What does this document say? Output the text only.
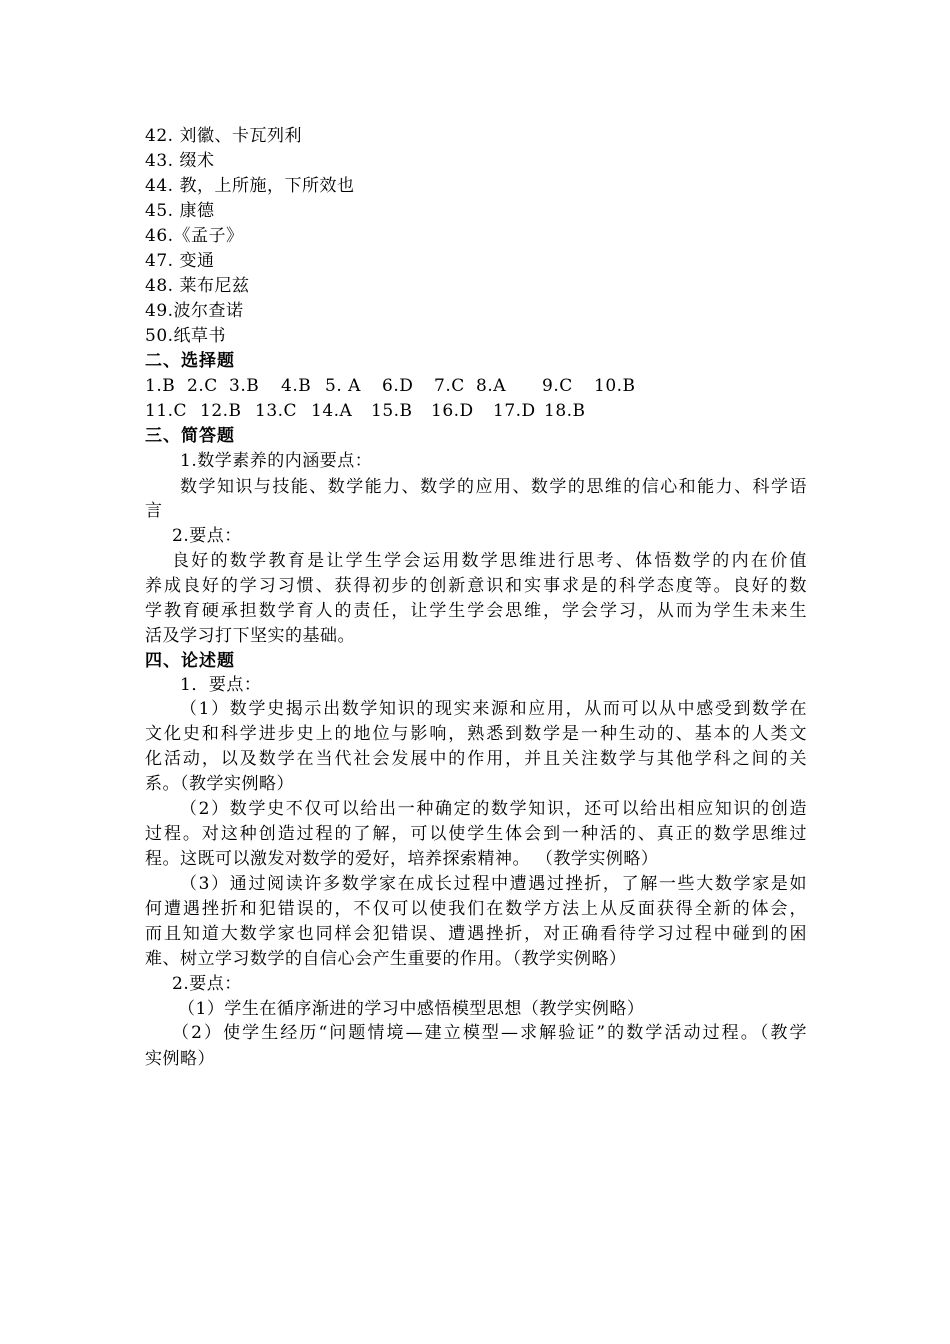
42. 刘徽、卡瓦列利
43. 缀术
44. 教，上所施，下所效也
45. 康德
46.《孟子》
47. 变通
48. 莱布尼兹
49.波尔查诺
50.纸草书
二、选择题
1.B 2.C 3.B 4.B 5. A 6.D 7.C 8.A 9.C 10.B
11.C 12.B 13.C 14.A 15.B 16.D 17.D 18.B
三、简答题
1.数学素养的内涵要点：
数学知识与技能、数学能力、数学的应用、数学的思维的信心和能力、科学语
言
2.要点：
良好的数学教育是让学生学会运用数学思维进行思考、体悟数学的内在价值
养成良好的学习习惯、获得初步的创新意识和实事求是的科学态度等。良好的数
学教育硬承担数学育人的责任，让学生学会思维，学会学习，从而为学生未来生
活及学习打下坚实的基础。
四、论述题
1．要点：
（1）数学史揭示出数学知识的现实来源和应用，从而可以从中感受到数学在
文化史和科学进步史上的地位与影响，熟悉到数学是一种生动的、基本的人类文
化活动，以及数学在当代社会发展中的作用，并且关注数学与其他学科之间的关
系。（教学实例略）
（2）数学史不仅可以给出一种确定的数学知识，还可以给出相应知识的创造
过程。对这种创造过程的了解，可以使学生体会到一种活的、真正的数学思维过
程。这既可以激发对数学的爱好，培养探索精神。 （教学实例略）
（3）通过阅读许多数学家在成长过程中遭遇过挫折，了解一些大数学家是如
何遭遇挫折和犯错误的，不仅可以使我们在数学方法上从反面获得全新的体会，
而且知道大数学家也同样会犯错误、遭遇挫折，对正确看待学习过程中碰到的困
难、树立学习数学的自信心会产生重要的作用。（教学实例略）
2.要点：
（1）学生在循序渐进的学习中感悟模型思想（教学实例略）
（2）使学生经历“问题情境—建立模型—求解验证”的数学活动过程。（教学
实例略）
